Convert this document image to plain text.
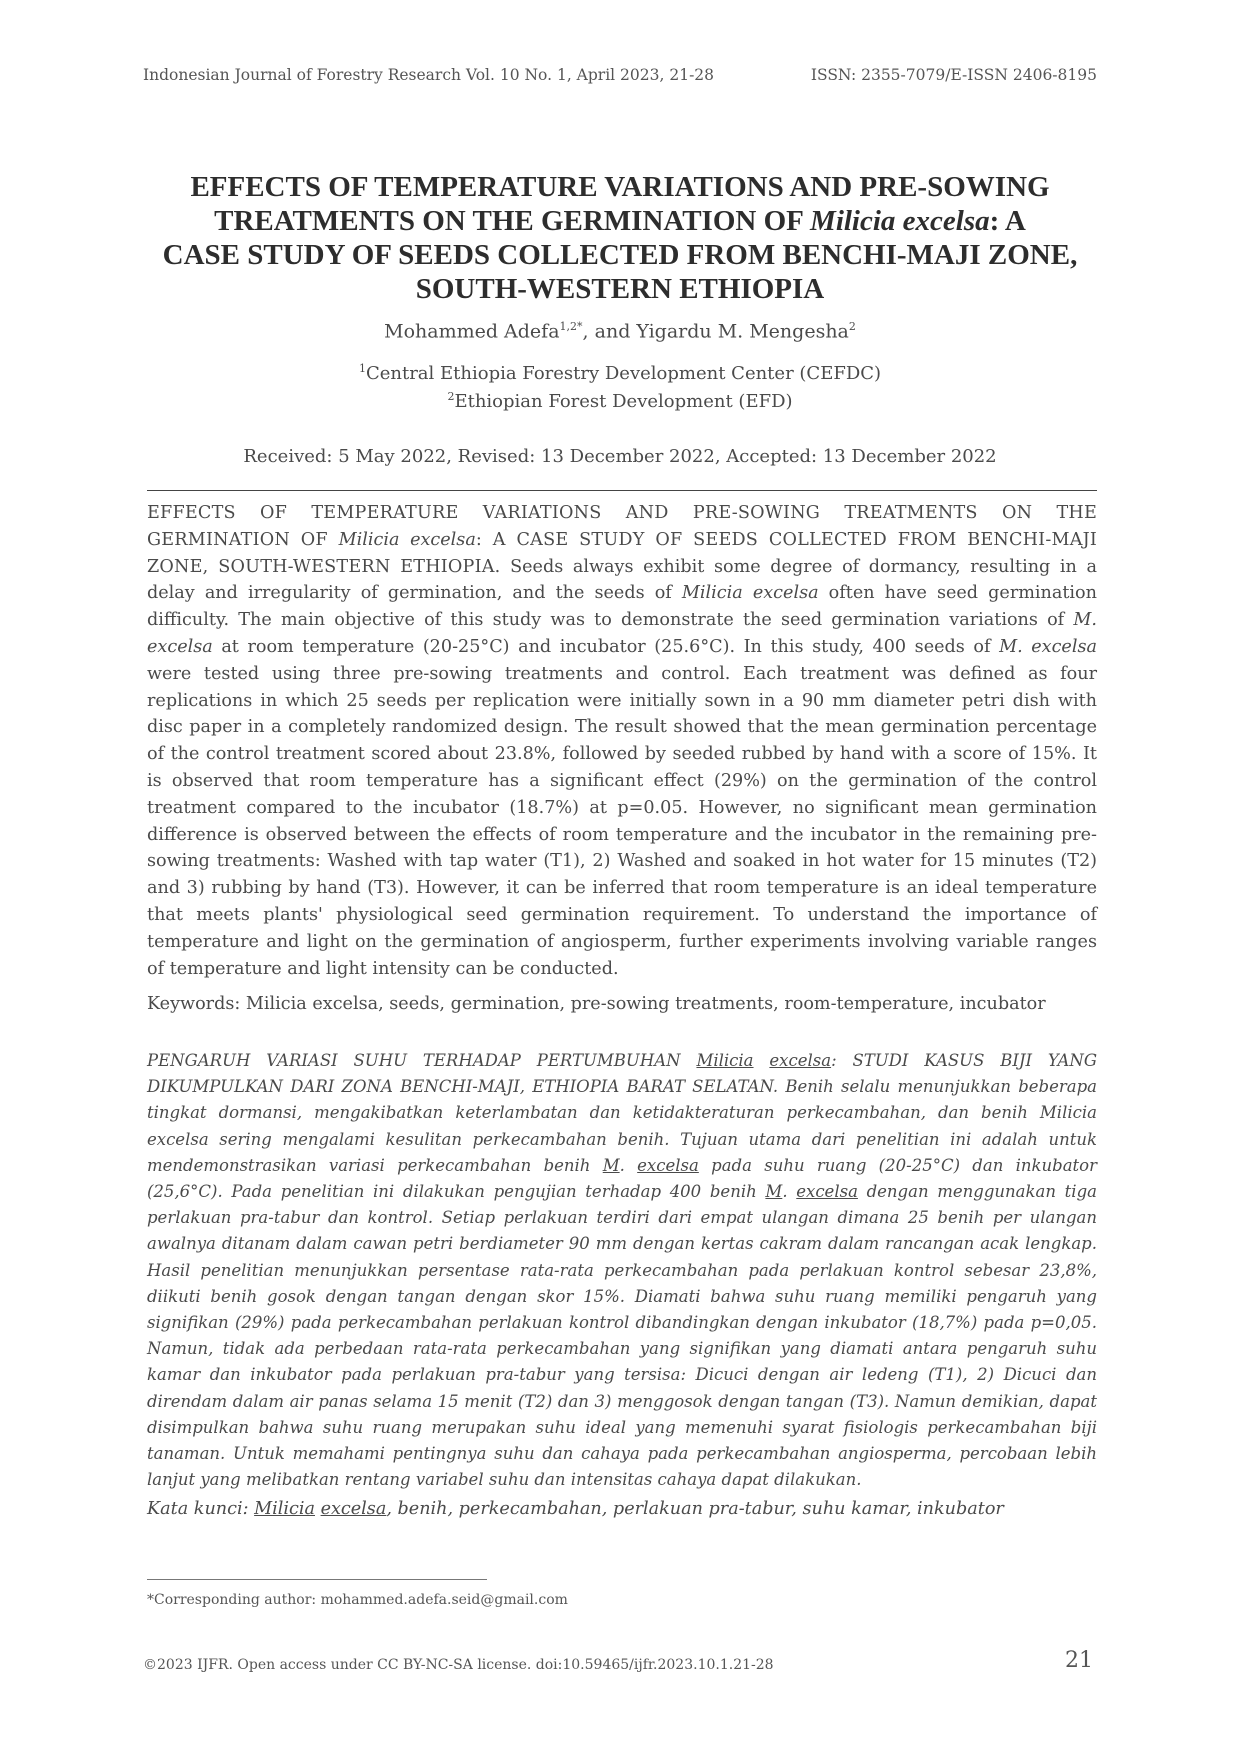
Indonesian Journal of Forestry Research Vol. 10 No. 1, April 2023, 21-28	ISSN: 2355-7079/E-ISSN 2406-8195
EFFECTS OF TEMPERATURE VARIATIONS AND PRE-SOWING
TREATMENTS ON THE GERMINATION OF Milicia excelsa: A
CASE STUDY OF SEEDS COLLECTED FROM BENCHI-MAJI ZONE,
SOUTH-WESTERN ETHIOPIA
Mohammed Adefa$^{1,2*}$, and Yigardu M. Mengesha$^2$
$^1$Central Ethiopia Forestry Development Center (CEFDC)
$^2$Ethiopian Forest Development (EFD)
Received: 5 May 2022, Revised: 13 December 2022, Accepted: 13 December 2022
EFFECTS OF TEMPERATURE VARIATIONS AND PRE-SOWING TREATMENTS ON THE GERMINATION OF Milicia excelsa: A CASE STUDY OF SEEDS COLLECTED FROM BENCHI-MAJI ZONE, SOUTH-WESTERN ETHIOPIA. Seeds always exhibit some degree of dormancy, resulting in a delay and irregularity of germination, and the seeds of Milicia excelsa often have seed germination difficulty. The main objective of this study was to demonstrate the seed germination variations of M. excelsa at room temperature (20-25°C) and incubator (25.6°C). In this study, 400 seeds of M. excelsa were tested using three pre-sowing treatments and control. Each treatment was defined as four replications in which 25 seeds per replication were initially sown in a 90 mm diameter petri dish with disc paper in a completely randomized design. The result showed that the mean germination percentage of the control treatment scored about 23.8%, followed by seeded rubbed by hand with a score of 15%. It is observed that room temperature has a significant effect (29%) on the germination of the control treatment compared to the incubator (18.7%) at p=0.05. However, no significant mean germination difference is observed between the effects of room temperature and the incubator in the remaining pre-sowing treatments: Washed with tap water (T1), 2) Washed and soaked in hot water for 15 minutes (T2) and 3) rubbing by hand (T3). However, it can be inferred that room temperature is an ideal temperature that meets plants' physiological seed germination requirement. To understand the importance of temperature and light on the germination of angiosperm, further experiments involving variable ranges of temperature and light intensity can be conducted.
Keywords: Milicia excelsa, seeds, germination, pre-sowing treatments, room-temperature, incubator
PENGARUH VARIASI SUHU TERHADAP PERTUMBUHAN Milicia excelsa: STUDI KASUS BIJI YANG DIKUMPULKAN DARI ZONA BENCHI-MAJI, ETHIOPIA BARAT SELATAN. Benih selalu menunjukkan beberapa tingkat dormansi, mengakibatkan keterlambatan dan ketidakteraturan perkecambahan, dan benih Milicia excelsa sering mengalami kesulitan perkecambahan benih. Tujuan utama dari penelitian ini adalah untuk mendemonstrasikan variasi perkecambahan benih M. excelsa pada suhu ruang (20-25°C) dan inkubator (25,6°C). Pada penelitian ini dilakukan pengujian terhadap 400 benih M. excelsa dengan menggunakan tiga perlakuan pra-tabur dan kontrol. Setiap perlakuan terdiri dari empat ulangan dimana 25 benih per ulangan awalnya ditanam dalam cawan petri berdiameter 90 mm dengan kertas cakram dalam rancangan acak lengkap. Hasil penelitian menunjukkan persentase rata-rata perkecambahan pada perlakuan kontrol sebesar 23,8%, diikuti benih gosok dengan tangan dengan skor 15%. Diamati bahwa suhu ruang memiliki pengaruh yang signifikan (29%) pada perkecambahan perlakuan kontrol dibandingkan dengan inkubator (18,7%) pada p=0,05. Namun, tidak ada perbedaan rata-rata perkecambahan yang signifikan yang diamati antara pengaruh suhu kamar dan inkubator pada perlakuan pra-tabur yang tersisa: Dicuci dengan air ledeng (T1), 2) Dicuci dan direndam dalam air panas selama 15 menit (T2) dan 3) menggosok dengan tangan (T3). Namun demikian, dapat disimpulkan bahwa suhu ruang merupakan suhu ideal yang memenuhi syarat fisiologis perkecambahan biji tanaman. Untuk memahami pentingnya suhu dan cahaya pada perkecambahan angiosperma, percobaan lebih lanjut yang melibatkan rentang variabel suhu dan intensitas cahaya dapat dilakukan.
Kata kunci: Milicia excelsa, benih, perkecambahan, perlakuan pra-tabur, suhu kamar, inkubator
*Corresponding author: mohammed.adefa.seid@gmail.com
©2023 IJFR. Open access under CC BY-NC-SA license. doi:10.59465/ijfr.2023.10.1.21-28	21
